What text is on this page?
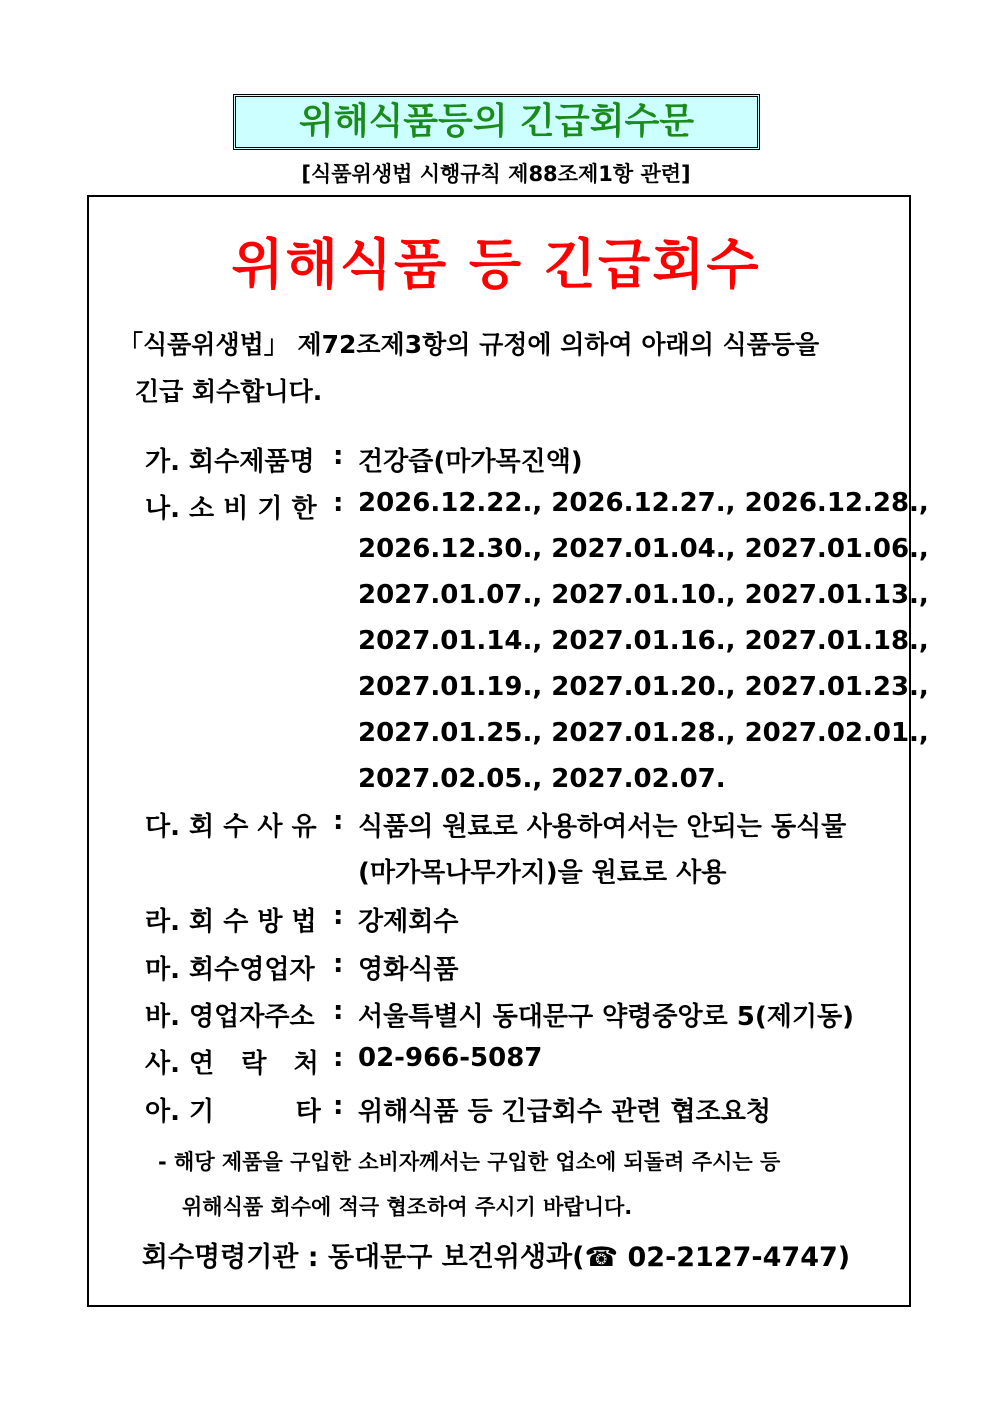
위해식품등의 긴급회수문
[식품위생법 시행규칙 제88조제1항 관련]
위해식품 등 긴급회수
「식품위생법」 제72조제3항의 규정에 의하여 아래의 식품등을
긴급 회수합니다.
가. 회수제품명 : 건강즙(마가목진액)
나. 소 비 기 한 : 2026.12.22., 2026.12.27., 2026.12.28.,
2026.12.30., 2027.01.04., 2027.01.06.,
2027.01.07., 2027.01.10., 2027.01.13.,
2027.01.14., 2027.01.16., 2027.01.18.,
2027.01.19., 2027.01.20., 2027.01.23.,
2027.01.25., 2027.01.28., 2027.02.01.,
2027.02.05., 2027.02.07.
다. 회 수 사 유 : 식품의 원료로 사용하여서는 안되는 동식물
(마가목나무가지)을 원료로 사용
라. 회 수 방 법 : 강제회수
마. 회수영업자 : 영화식품
바. 영업자주소 : 서울특별시 동대문구 약령중앙로 5(제기동)
사. 연   락   처 : 02-966-5087
아. 기         타 : 위해식품 등 긴급회수 관련 협조요청
- 해당 제품을 구입한 소비자께서는 구입한 업소에 되돌려 주시는 등
위해식품 회수에 적극 협조하여 주시기 바랍니다.
회수명령기관 : 동대문구 보건위생과(☎ 02-2127-4747)
